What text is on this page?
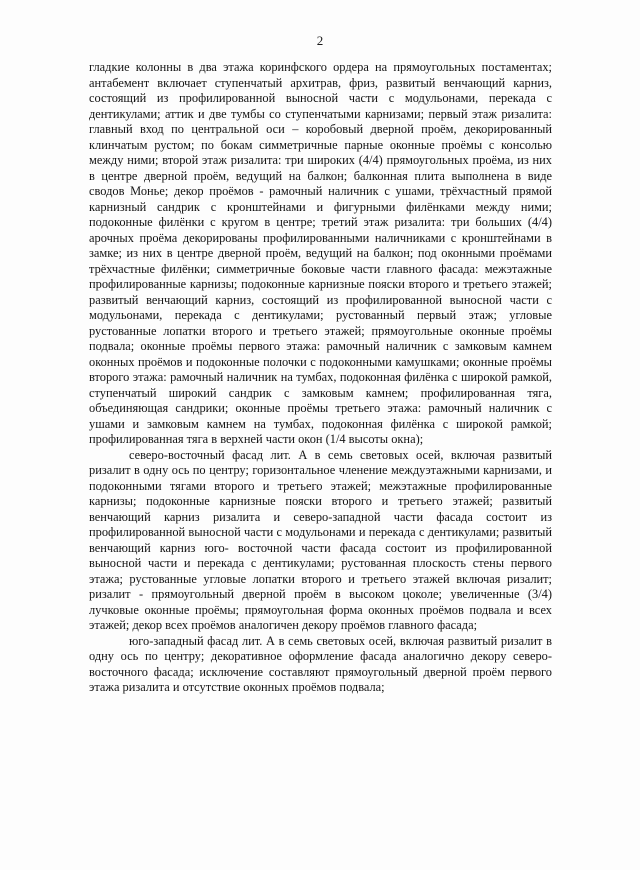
2

гладкие колонны в два этажа коринфского ордера на прямоугольных постаментах; антабемент включает ступенчатый архитрав, фриз, развитый венчающий карниз, состоящий из профилированной выносной части с модульонами, перекада с дентикулами; аттик и две тумбы со ступенчатыми карнизами; первый этаж ризалита: главный вход по центральной оси – коробовый дверной проём, декорированный клинчатым рустом; по бокам симметричные парные оконные проёмы с консолью между ними; второй этаж ризалита: три широких (4/4) прямоугольных проёма, из них в центре дверной проём, ведущий на балкон; балконная плита выполнена в виде сводов Монье; декор проёмов - рамочный наличник с ушами, трёхчастный прямой карнизный сандрик с кронштейнами и фигурными филёнками между ними; подоконные филёнки с кругом в центре; третий этаж ризалита: три больших (4/4) арочных проёма декорированы профилированными наличниками с кронштейнами в замке; из них в центре дверной проём, ведущий на балкон; под оконными проёмами трёхчастные филёнки; симметричные боковые части главного фасада: межэтажные профилированные карнизы; подоконные карнизные пояски второго и третьего этажей; развитый венчающий карниз, состоящий из профилированной выносной части с модульонами, перекада с дентикулами; рустованный первый этаж; угловые рустованные лопатки второго и третьего этажей; прямоугольные оконные проёмы подвала; оконные проёмы первого этажа: рамочный наличник с замковым камнем оконных проёмов и подоконные полочки с подоконными камушками; оконные проёмы второго этажа: рамочный наличник на тумбах, подоконная филёнка с широкой рамкой, ступенчатый широкий сандрик с замковым камнем; профилированная тяга, объединяющая сандрики; оконные проёмы третьего этажа: рамочный наличник с ушами и замковым камнем на тумбах, подоконная филёнка с широкой рамкой; профилированная тяга в верхней части окон (1/4 высоты окна);

северо-восточный фасад лит. А в семь световых осей, включая развитый ризалит в одну ось по центру; горизонтальное членение междуэтажными карнизами, и подоконными тягами второго и третьего этажей; межэтажные профилированные карнизы; подоконные карнизные пояски второго и третьего этажей; развитый венчающий карниз ризалита и северо-западной части фасада состоит из профилированной выносной части с модульонами и перекада с дентикулами; развитый венчающий карниз юго- восточной части фасада состоит из профилированной выносной части и перекада с дентикулами; рустованная плоскость стены первого этажа; рустованные угловые лопатки второго и третьего этажей включая ризалит; ризалит - прямоугольный дверной проём в высоком цоколе; увеличенные (3/4) лучковые оконные проёмы; прямоугольная форма оконных проёмов подвала и всех этажей; декор всех проёмов аналогичен декору проёмов главного фасада;

юго-западный фасад лит. А в семь световых осей, включая развитый ризалит в одну ось по центру; декоративное оформление фасада аналогично декору северо-восточного фасада; исключение составляют прямоугольный дверной проём первого этажа ризалита и отсутствие оконных проёмов подвала;
